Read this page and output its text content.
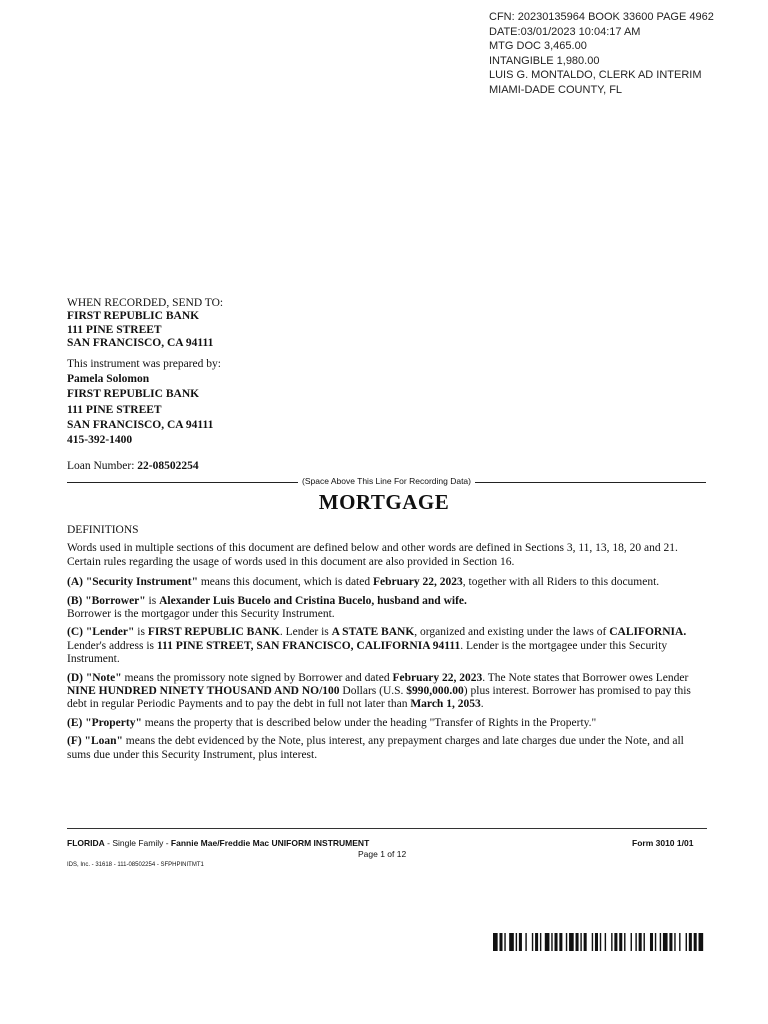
CFN: 20230135964 BOOK 33600 PAGE 4962
DATE:03/01/2023 10:04:17 AM
MTG DOC 3,465.00
INTANGIBLE 1,980.00
LUIS G. MONTALDO, CLERK AD INTERIM
MIAMI-DADE COUNTY, FL
WHEN RECORDED, SEND TO:
FIRST REPUBLIC BANK
111 PINE STREET
SAN FRANCISCO, CA 94111
This instrument was prepared by:
Pamela Solomon
FIRST REPUBLIC BANK
111 PINE STREET
SAN FRANCISCO, CA 94111
415-392-1400
Loan Number: 22-08502254
(Space Above This Line For Recording Data)
MORTGAGE

DEFINITIONS

Words used in multiple sections of this document are defined below and other words are defined in Sections 3, 11, 13, 18, 20 and 21. Certain rules regarding the usage of words used in this document are also provided in Section 16.

(A) "Security Instrument" means this document, which is dated February 22, 2023, together with all Riders to this document.

(B) "Borrower" is Alexander Luis Bucelo and Cristina Bucelo, husband and wife.
Borrower is the mortgagor under this Security Instrument.

(C) "Lender" is FIRST REPUBLIC BANK. Lender is A STATE BANK, organized and existing under the laws of CALIFORNIA. Lender's address is 111 PINE STREET, SAN FRANCISCO, CALIFORNIA 94111. Lender is the mortgagee under this Security Instrument.

(D) "Note" means the promissory note signed by Borrower and dated February 22, 2023. The Note states that Borrower owes Lender NINE HUNDRED NINETY THOUSAND AND NO/100 Dollars (U.S. $990,000.00) plus interest. Borrower has promised to pay this debt in regular Periodic Payments and to pay the debt in full not later than March 1, 2053.

(E) "Property" means the property that is described below under the heading "Transfer of Rights in the Property."

(F) "Loan" means the debt evidenced by the Note, plus interest, any prepayment charges and late charges due under the Note, and all sums due under this Security Instrument, plus interest.

FLORIDA - Single Family - Fannie Mae/Freddie Mac UNIFORM INSTRUMENT	Form 3010 1/01
Page 1 of 12
IDS, Inc. - 31618 - 111-08502254 - SFPHPINITMT1
